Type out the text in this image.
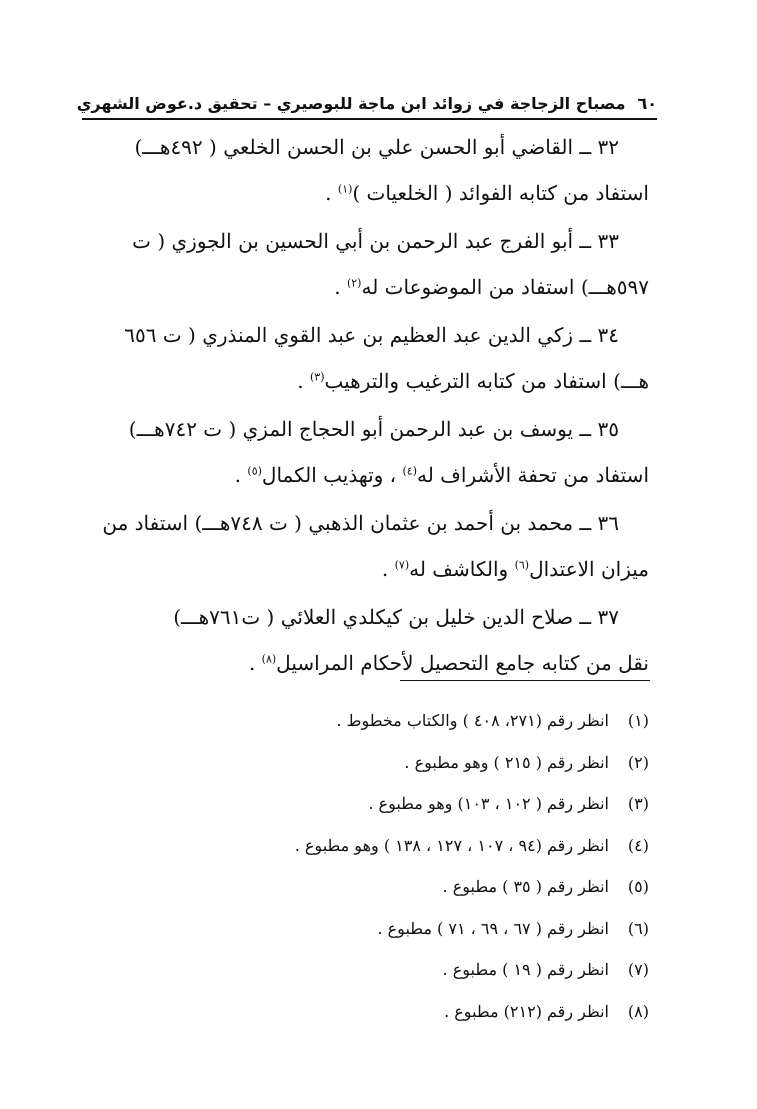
٦٠
مصباح الزجاجة في زوائد ابن ماجة للبوصيري – تحقيق د.عوض الشهري
٣٢ ــ القاضي أبو الحسن علي بن الحسن الخلعي ( ٤٩٢هـــ)
استفاد من كتابه الفوائد ( الخلعيات )$^{(١)}$ .
٣٣ ــ أبو الفرج عبد الرحمن بن أبي الحسين بن الجوزي ( ت
٥٩٧هـــ) استفاد من الموضوعات له$^{(٢)}$ .
٣٤ ــ زكي الدين عبد العظيم بن عبد القوي المنذري ( ت ٦٥٦
هـــ) استفاد من كتابه الترغيب والترهيب$^{(٣)}$ .
٣٥ ــ يوسف بن عبد الرحمن أبو الحجاج المزي ( ت ٧٤٢هـــ)
استفاد من تحفة الأشراف له$^{(٤)}$ ، وتهذيب الكمال$^{(٥)}$ .
٣٦ ــ محمد بن أحمد بن عثمان الذهبي ( ت ٧٤٨هـــ) استفاد من
ميزان الاعتدال$^{(٦)}$ والكاشف له$^{(٧)}$ .
٣٧ ــ صلاح الدين خليل بن كيكلدي العلائي ( ت٧٦١هـــ)
نقل من كتابه جامع التحصيل لأحكام المراسيل$^{(٨)}$ .
(١)انظر رقم (٢٧١، ٤٠٨ ) والكتاب مخطوط .
(٢)انظر رقم ( ٢١٥ ) وهو مطبوع .
(٣)انظر رقم ( ١٠٢ ، ١٠٣) وهو مطبوع .
(٤)انظر رقم (٩٤ ، ١٠٧ ، ١٢٧ ، ١٣٨ ) وهو مطبوع .
(٥)انظر رقم ( ٣٥ ) مطبوع .
(٦)انظر رقم ( ٦٧ ، ٦٩ ، ٧١ ) مطبوع .
(٧)انظر رقم ( ١٩ ) مطبوع .
(٨)انظر رقم (٢١٢) مطبوع .
